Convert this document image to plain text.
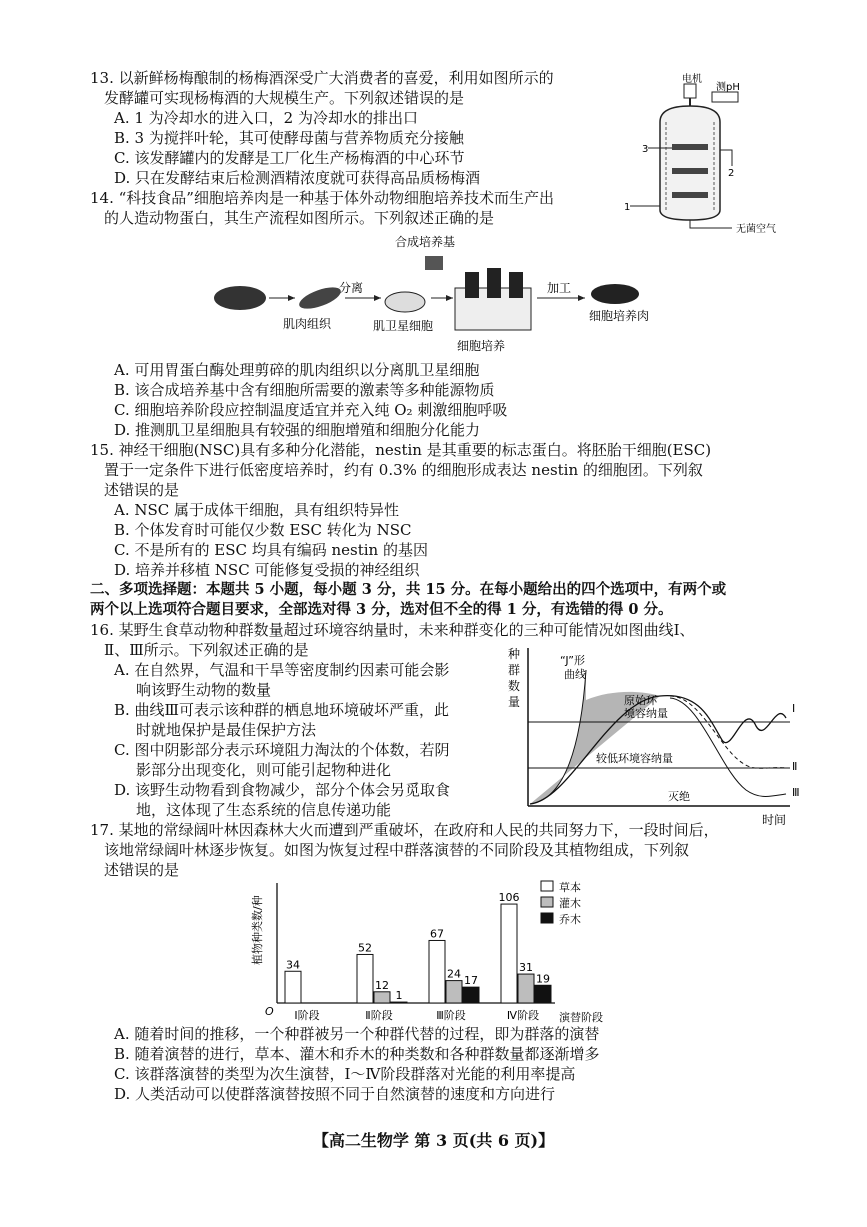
13. 以新鲜杨梅酿制的杨梅酒深受广大消费者的喜爱，利用如图所示的
发酵罐可实现杨梅酒的大规模生产。下列叙述错误的是
A. 1 为冷却水的进入口，2 为冷却水的排出口
B. 3 为搅拌叶轮，其可使酵母菌与营养物质充分接触
C. 该发酵罐内的发酵是工厂化生产杨梅酒的中心环节
D. 只在发酵结束后检测酒精浓度就可获得高品质杨梅酒
电机
测pH
3
2
1
无菌空气
14. “科技食品”细胞培养肉是一种基于体外动物细胞培养技术而生产出
的人造动物蛋白，其生产流程如图所示。下列叙述正确的是
合成培养基
肌肉组织
分离
肌卫星细胞
细胞培养
加工
细胞培养肉
A. 可用胃蛋白酶处理剪碎的肌肉组织以分离肌卫星细胞
B. 该合成培养基中含有细胞所需要的激素等多种能源物质
C. 细胞培养阶段应控制温度适宜并充入纯 O₂ 刺激细胞呼吸
D. 推测肌卫星细胞具有较强的细胞增殖和细胞分化能力
15. 神经干细胞(NSC)具有多种分化潜能，nestin 是其重要的标志蛋白。将胚胎干细胞(ESC)
置于一定条件下进行低密度培养时，约有 0.3% 的细胞形成表达 nestin 的细胞团。下列叙
述错误的是
A. NSC 属于成体干细胞，具有组织特异性
B. 个体发育时可能仅少数 ESC 转化为 NSC
C. 不是所有的 ESC 均具有编码 nestin 的基因
D. 培养并移植 NSC 可能修复受损的神经组织
二、多项选择题：本题共 5 小题，每小题 3 分，共 15 分。在每小题给出的四个选项中，有两个或
两个以上选项符合题目要求，全部选对得 3 分，选对但不全的得 1 分，有选错的得 0 分。
16. 某野生食草动物种群数量超过环境容纳量时，未来种群变化的三种可能情况如图曲线Ⅰ、
Ⅱ、Ⅲ所示。下列叙述正确的是
A. 在自然界，气温和干旱等密度制约因素可能会影
响该野生动物的数量
B. 曲线Ⅲ可表示该种群的栖息地环境破坏严重，此
时就地保护是最佳保护方法
C. 图中阴影部分表示环境阻力淘汰的个体数，若阴
影部分出现变化，则可能引起物种进化
D. 该野生动物看到食物减少，部分个体会另觅取食
地，这体现了生态系统的信息传递功能
种
群
数
量
时间
“J”形
曲线
原始环
境容纳量
较低环境容纳量
灭绝
Ⅰ
Ⅱ
Ⅲ
17. 某地的常绿阔叶林因森林大火而遭到严重破坏，在政府和人民的共同努力下，一段时间后，
该地常绿阔叶林逐步恢复。如图为恢复过程中群落演替的不同阶段及其植物组成，下列叙
述错误的是
植物种类数/种
O	演替阶段
34
Ⅰ阶段
52
12
1
Ⅱ阶段
67
24
17
Ⅲ阶段
106
31
19
Ⅳ阶段
草本
灌木
乔木
A. 随着时间的推移，一个种群被另一个种群代替的过程，即为群落的演替
B. 随着演替的进行，草本、灌木和乔木的种类数和各种群数量都逐渐增多
C. 该群落演替的类型为次生演替，Ⅰ～Ⅳ阶段群落对光能的利用率提高
D. 人类活动可以使群落演替按照不同于自然演替的速度和方向进行
【高二生物学 第 3 页(共 6 页)】
